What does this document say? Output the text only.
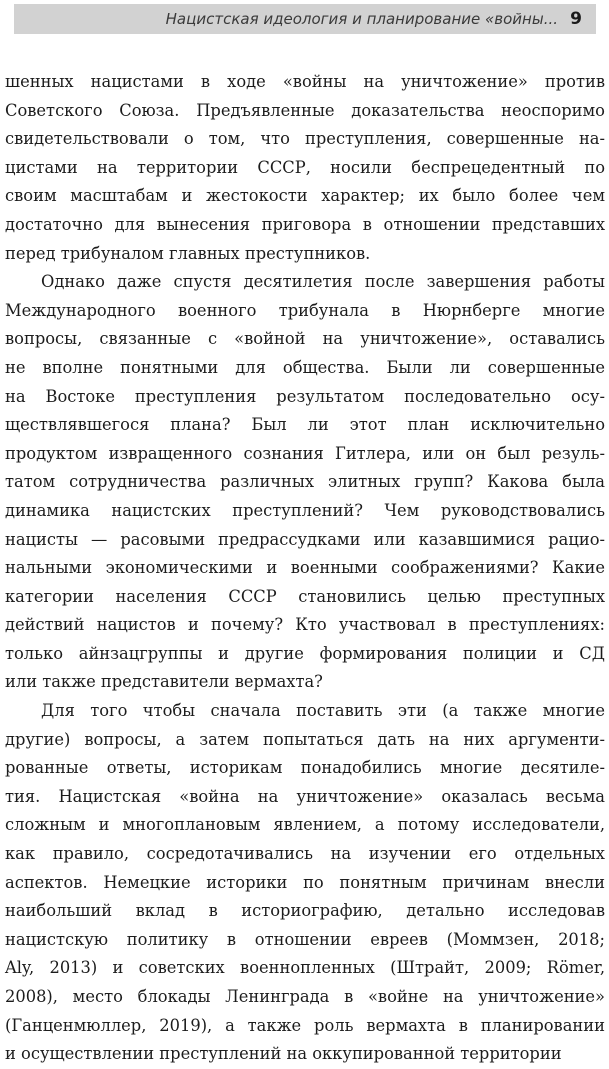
Нацистская идеология и планирование «войны... 9
шенных нацистами в ходе «войны на уничтожение» против
Советского Союза. Предъявленные доказательства неоспоримо
свидетельствовали о том, что преступления, совершенные на-
цистами на территории СССР, носили беспрецедентный по
своим масштабам и жестокости характер; их было более чем
достаточно для вынесения приговора в отношении представших
перед трибуналом главных преступников.
Однако даже спустя десятилетия после завершения работы
Международного военного трибунала в Нюрнберге многие
вопросы, связанные с «войной на уничтожение», оставались
не вполне понятными для общества. Были ли совершенные
на Востоке преступления результатом последовательно осу-
ществлявшегося плана? Был ли этот план исключительно
продуктом извращенного сознания Гитлера, или он был резуль-
татом сотрудничества различных элитных групп? Какова была
динамика нацистских преступлений? Чем руководствовались
нацисты — расовыми предрассудками или казавшимися рацио-
нальными экономическими и военными соображениями? Какие
категории населения СССР становились целью преступных
действий нацистов и почему? Кто участвовал в преступлениях:
только айнзацгруппы и другие формирования полиции и СД
или также представители вермахта?
Для того чтобы сначала поставить эти (а также многие
другие) вопросы, а затем попытаться дать на них аргументи-
рованные ответы, историкам понадобились многие десятиле-
тия. Нацистская «война на уничтожение» оказалась весьма
сложным и многоплановым явлением, а потому исследователи,
как правило, сосредотачивались на изучении его отдельных
аспектов. Немецкие историки по понятным причинам внесли
наибольший вклад в историографию, детально исследовав
нацистскую политику в отношении евреев (Моммзен, 2018;
Aly, 2013) и советских военнопленных (Штрайт, 2009; Römer,
2008), место блокады Ленинграда в «войне на уничтожение»
(Ганценмюллер, 2019), а также роль вермахта в планировании
и осуществлении преступлений на оккупированной территории
